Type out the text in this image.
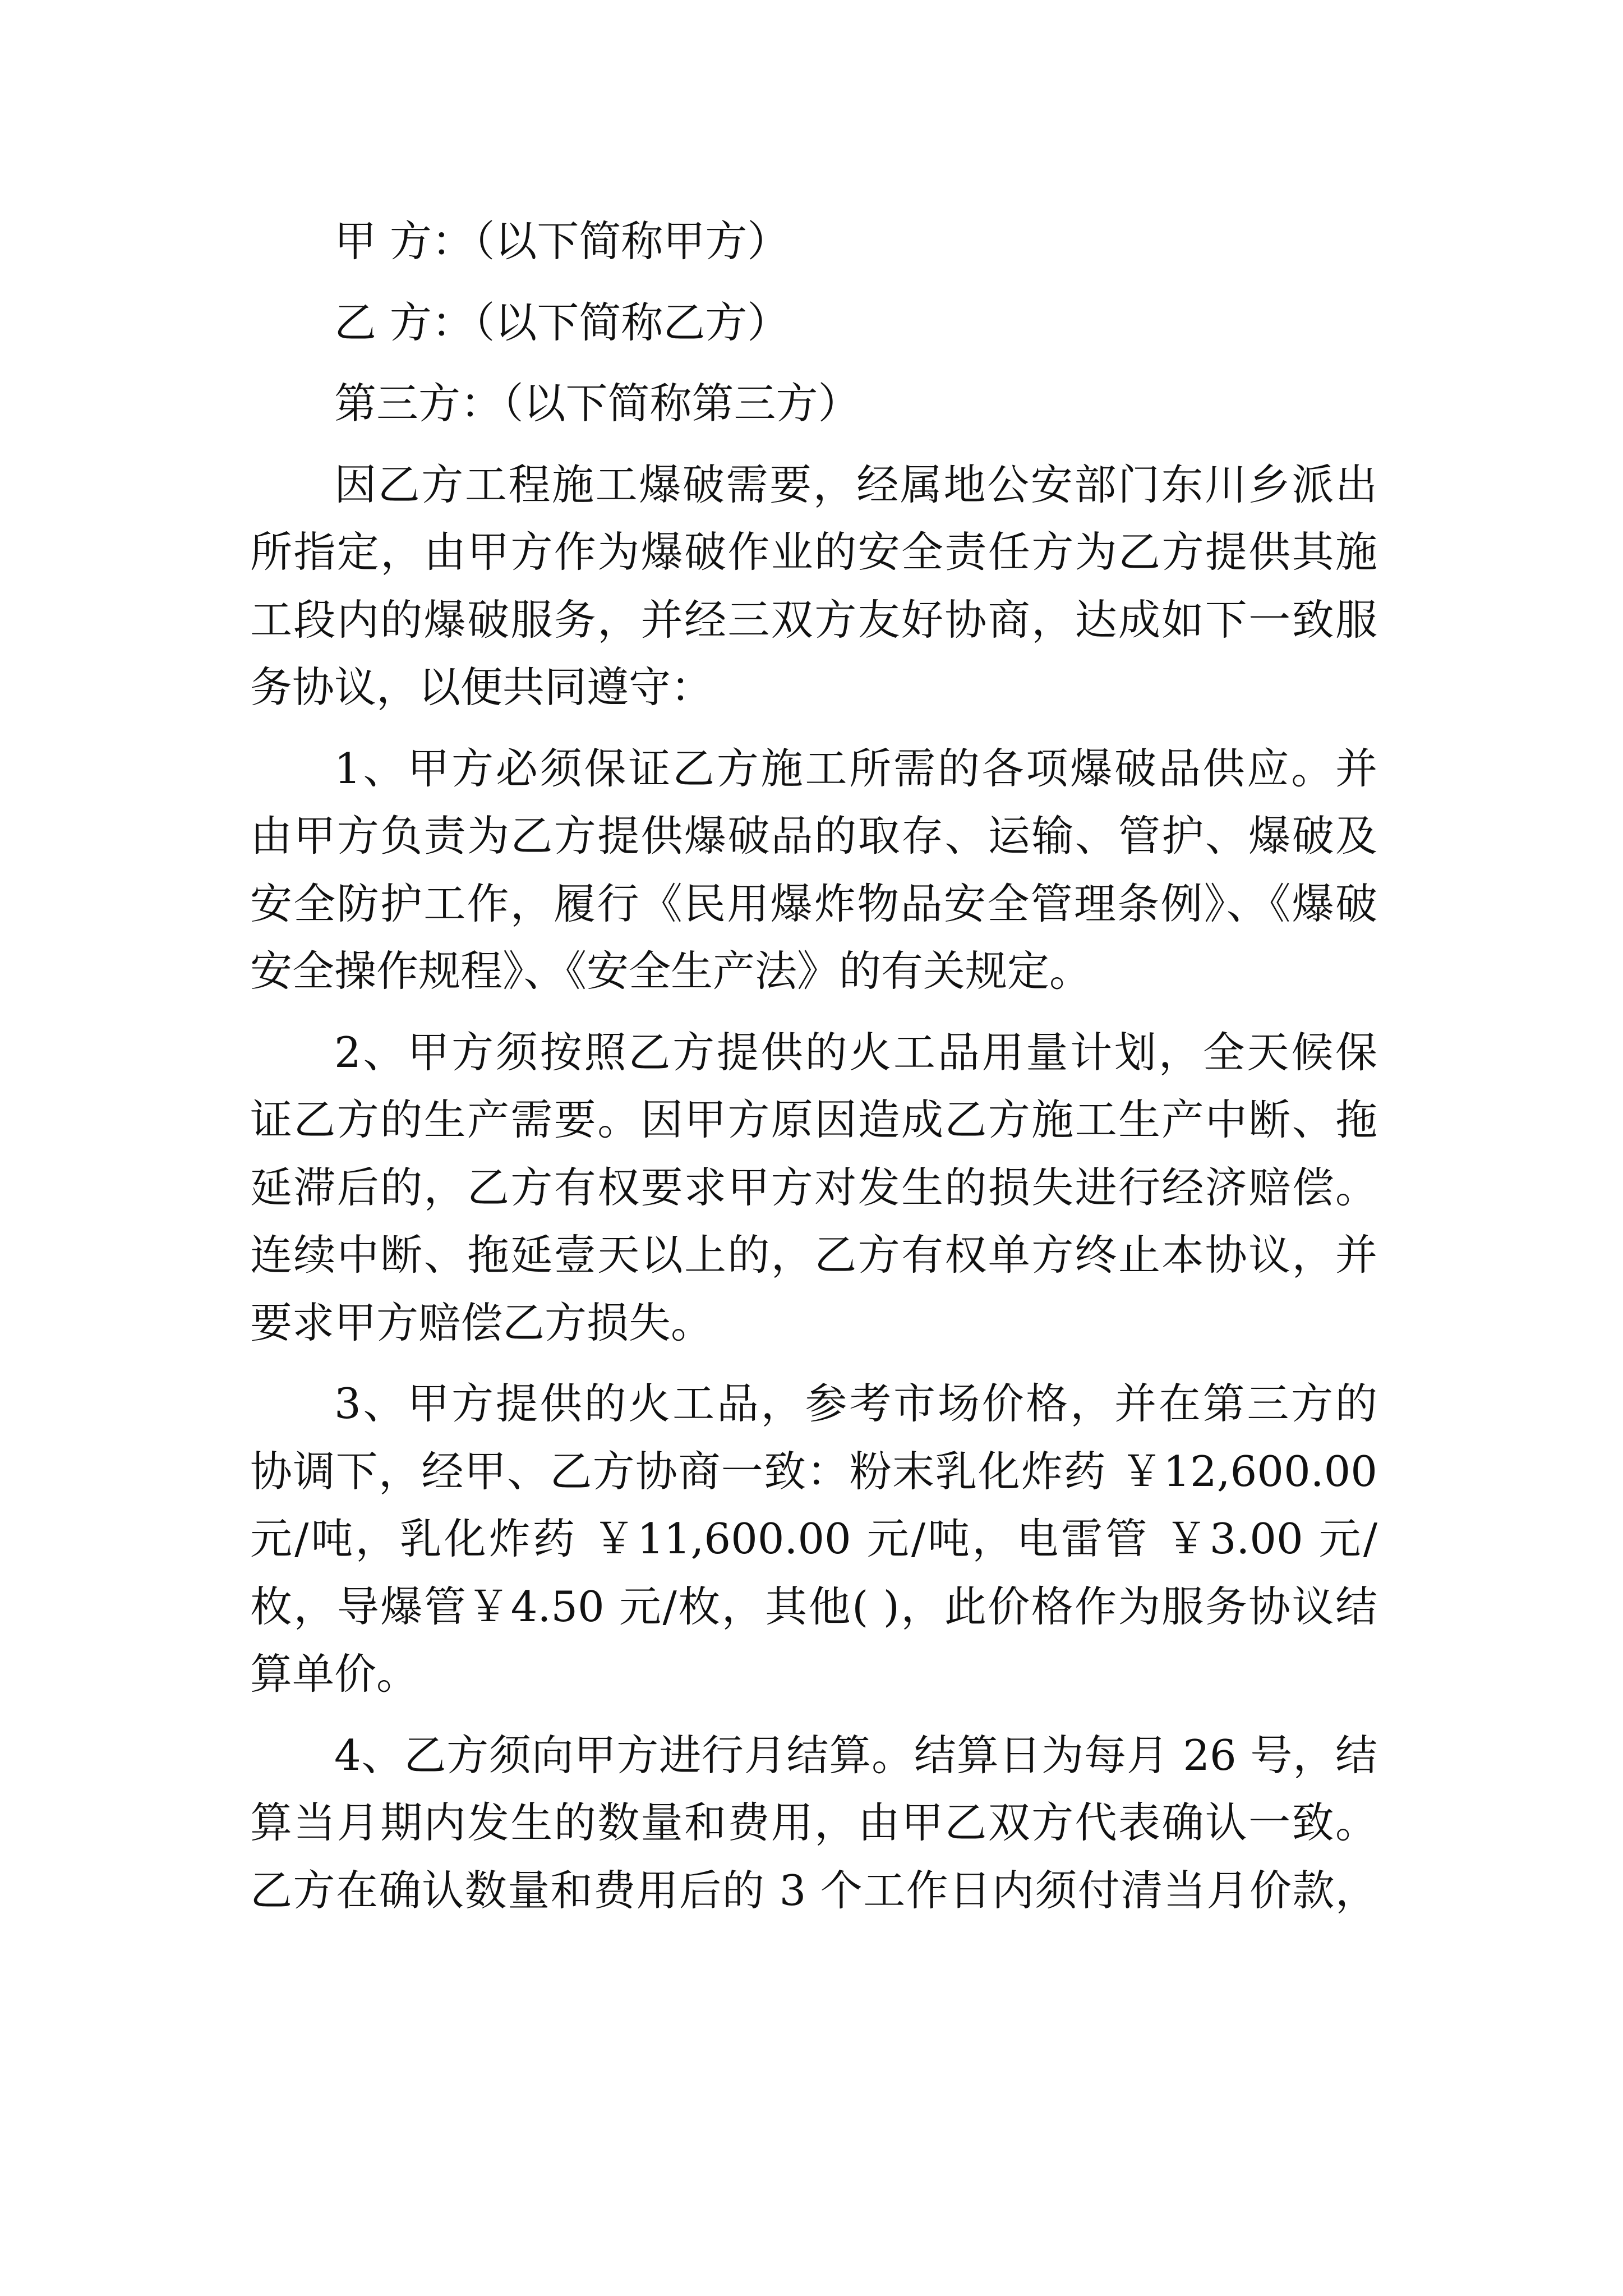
甲 方：（以下简称甲方）
乙 方：（以下简称乙方）
第三方：（以下简称第三方）
因乙方工程施工爆破需要，经属地公安部门东川乡派出
所指定，由甲方作为爆破作业的安全责任方为乙方提供其施
工段内的爆破服务，并经三双方友好协商，达成如下一致服
务协议，以便共同遵守：
1、甲方必须保证乙方施工所需的各项爆破品供应。并
由甲方负责为乙方提供爆破品的取存、运输、管护、爆破及
安全防护工作，履行《民用爆炸物品安全管理条例》、《爆破
安全操作规程》、《安全生产法》的有关规定。
2、甲方须按照乙方提供的火工品用量计划，全天候保
证乙方的生产需要。因甲方原因造成乙方施工生产中断、拖
延滞后的，乙方有权要求甲方对发生的损失进行经济赔偿。
连续中断、拖延壹天以上的，乙方有权单方终止本协议，并
要求甲方赔偿乙方损失。
3、甲方提供的火工品，参考市场价格，并在第三方的
协调下，经甲、乙方协商一致：粉末乳化炸药 ￥12,600.00
元/吨，乳化炸药 ￥11,600.00 元/吨，电雷管 ￥3.00 元/
枚，导爆管￥4.50 元/枚，其他( )，此价格作为服务协议结
算单价。
4、乙方须向甲方进行月结算。结算日为每月 26 号，结
算当月期内发生的数量和费用，由甲乙双方代表确认一致。
乙方在确认数量和费用后的 3 个工作日内须付清当月价款，
